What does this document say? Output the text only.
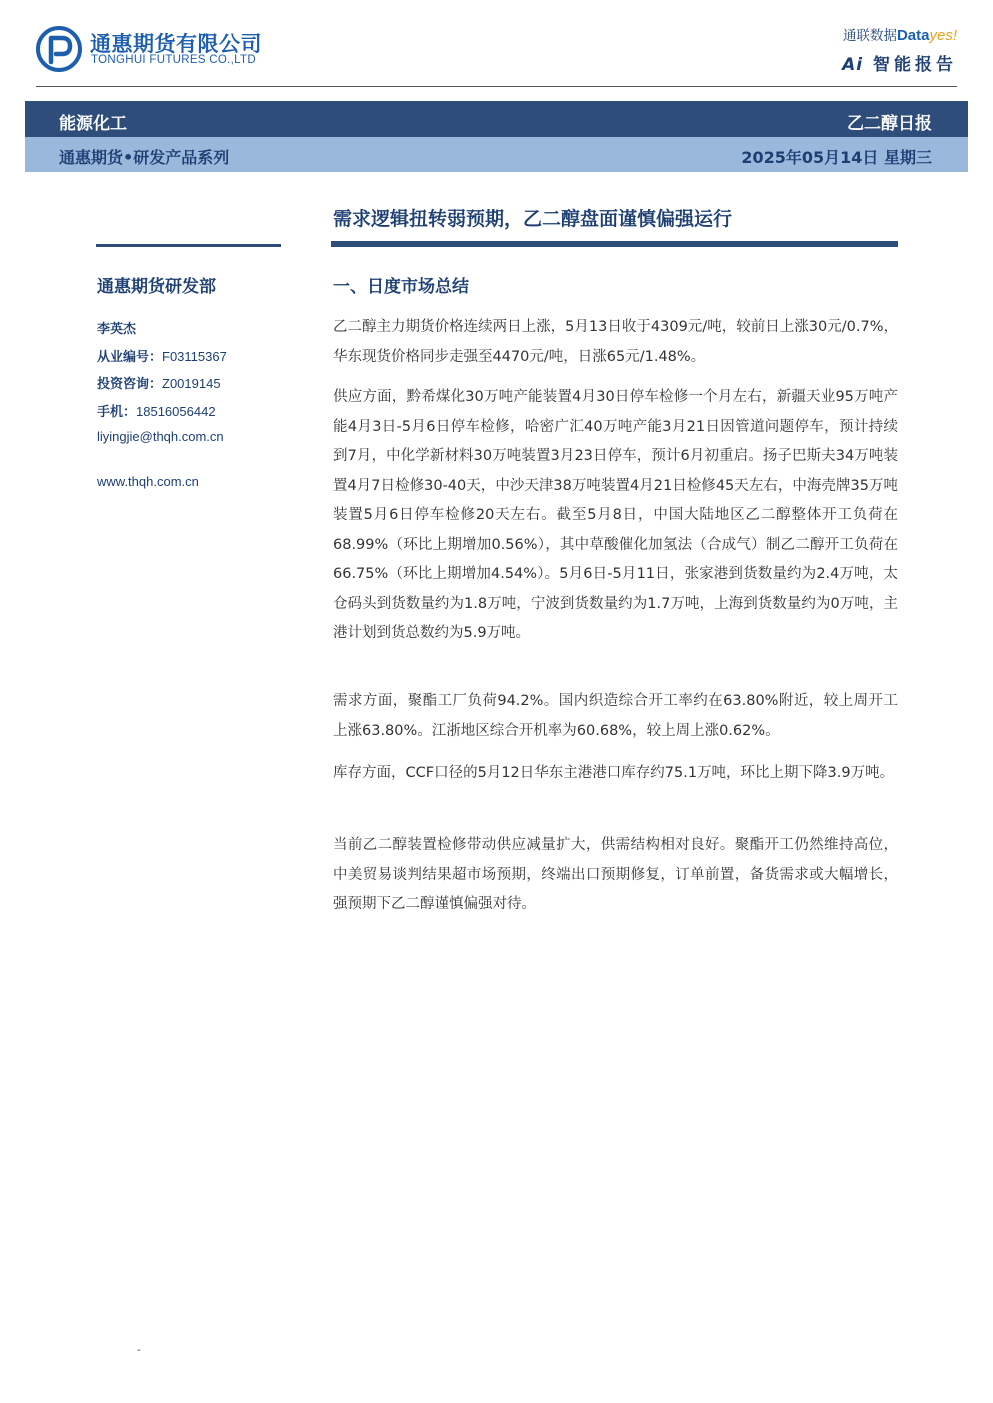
通惠期货有限公司
TONGHUI FUTURES CO.,LTD
通联数据Datayes!
Ai 智能报告
能源化工	乙二醇日报
通惠期货•研发产品系列	2025年05月14日 星期三
需求逻辑扭转弱预期，乙二醇盘面谨慎偏强运行
通惠期货研发部
李英杰
从业编号：F03115367
投资咨询：Z0019145
手机：18516056442
liyingjie@thqh.com.cn
www.thqh.com.cn
一、日度市场总结
乙二醇主力期货价格连续两日上涨，5月13日收于4309元/吨，较前日上涨30元/0.7%，华东现货价格同步走强至4470元/吨，日涨65元/1.48%。
供应方面，黔希煤化30万吨产能装置4月30日停车检修一个月左右，新疆天业95万吨产能4月3日-5月6日停车检修，哈密广汇40万吨产能3月21日因管道问题停车，预计持续到7月，中化学新材料30万吨装置3月23日停车，预计6月初重启。扬子巴斯夫34万吨装置4月7日检修30-40天，中沙天津38万吨装置4月21日检修45天左右，中海壳牌35万吨装置5月6日停车检修20天左右。截至5月8日，中国大陆地区乙二醇整体开工负荷在68.99%（环比上期增加0.56%），其中草酸催化加氢法（合成气）制乙二醇开工负荷在66.75%（环比上期增加4.54%）。5月6日-5月11日，张家港到货数量约为2.4万吨，太仓码头到货数量约为1.8万吨，宁波到货数量约为1.7万吨，上海到货数量约为0万吨，主港计划到货总数约为5.9万吨。
需求方面，聚酯工厂负荷94.2%。国内织造综合开工率约在63.80%附近，较上周开工上涨63.80%。江浙地区综合开机率为60.68%，较上周上涨0.62%。
库存方面，CCF口径的5月12日华东主港港口库存约75.1万吨，环比上期下降3.9万吨。
当前乙二醇装置检修带动供应减量扩大，供需结构相对良好。聚酯开工仍然维持高位，中美贸易谈判结果超市场预期，终端出口预期修复，订单前置，备货需求或大幅增长，强预期下乙二醇谨慎偏强对待。
-
